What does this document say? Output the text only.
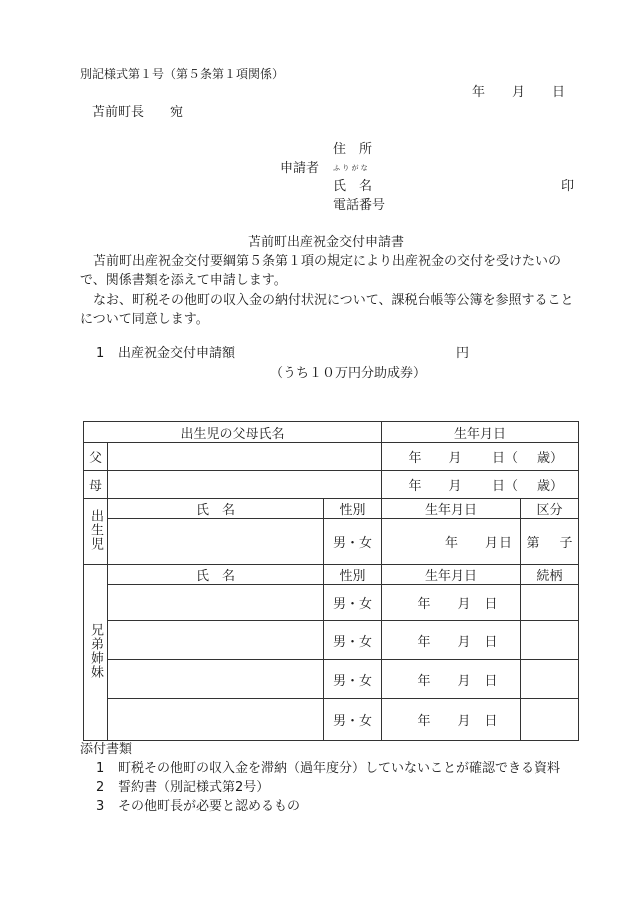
別記様式第１号（第５条第１項関係）
年 月 日
苫前町長 宛
住　所
申請者 ふ り が な
氏　名	印
電話番号
苫前町出産祝金交付申請書
苫前町出産祝金交付要綱第５条第１項の規定により出産祝金の交付を受けたいので、関係書類を添えて申請します。
なお、町税その他町の収入金の納付状況について、課税台帳等公簿を参照することについて同意します。
1 出産祝金交付申請額	円
（うち１０万円分助成券）
出生児の父母氏名			生年月日	
父			年 月 日（ 歳）	
母			年 月 日（ 歳）	
出生児	氏　名	性別	生年月日	区分
		男・女	年 月日	第 子
兄弟姉妹	氏　名	性別	生年月日	続柄
		男・女	年 月 日	
		男・女	年 月 日	
		男・女	年 月 日	
		男・女	年 月 日	
添付書類
1 町税その他町の収入金を滞納（過年度分）していないことが確認できる資料
2 誓約書（別記様式第2号）
3 その他町長が必要と認めるもの
